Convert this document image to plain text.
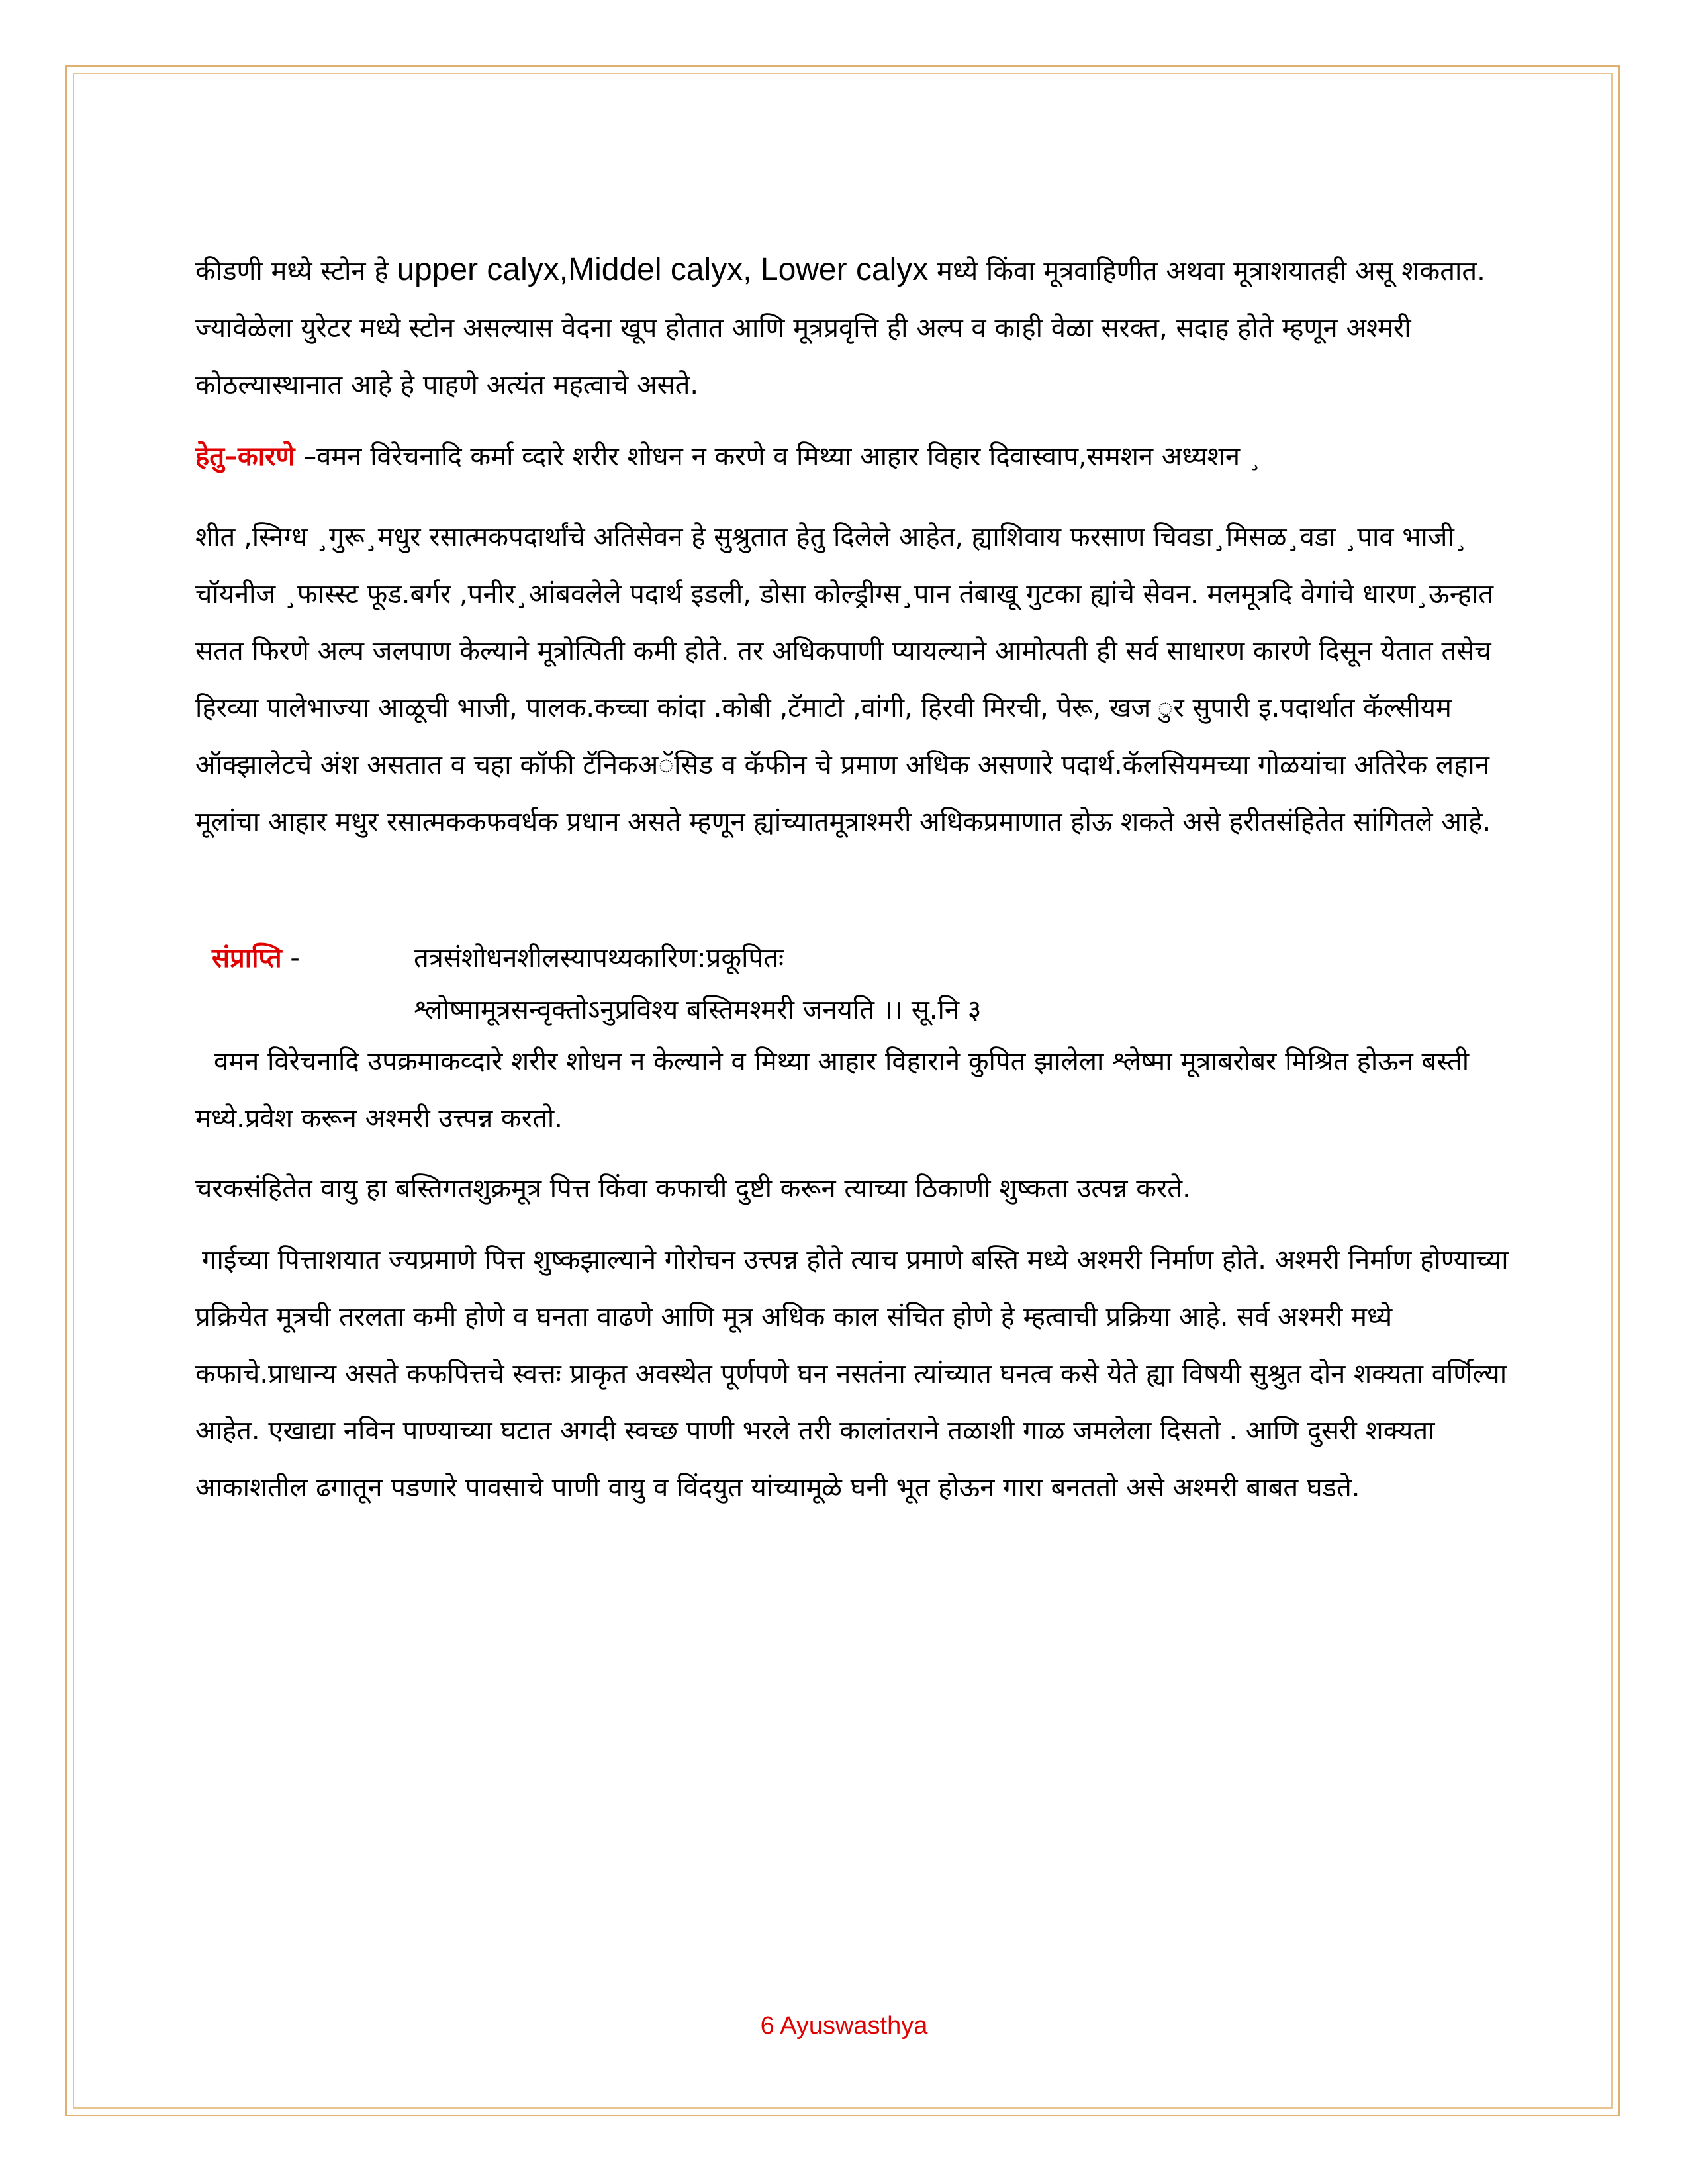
कीडणी मध्ये स्टोन हे upper calyx,Middel calyx, Lower calyx मध्ये किंवा मूत्रवाहिणीत अथवा मूत्राशयातही असू शकतात. ज्यावेळेला युरेटर मध्ये स्टोन असल्यास वेदना खूप होतात आणि मूत्रप्रवृत्ति ही अल्प व काही वेळा सरक्त, सदाह होते म्हणून अश्मरी कोठल्यास्थानात आहे हे पाहणे अत्यंत महत्वाचे असते.

हेतु–कारणे –वमन विरेचनादि कर्मा व्दारे शरीर शोधन न करणे व मिथ्या आहार विहार दिवास्वाप,समशन अध्यशन ¸

शीत ,स्निग्ध ¸गुरू¸मधुर रसात्मकपदार्थांचे अतिसेवन हे सुश्रुतात हेतु दिलेले आहेत, ह्याशिवाय फरसाण चिवडा¸मिसळ¸वडा ¸पाव भाजी¸ चॉयनीज ¸फास्स्ट फूड.बर्गर ,पनीर¸आंबवलेले पदार्थ इडली, डोसा कोल्ड्रीग्स¸पान तंबाखू गुटका ह्यांचे सेवन. मलमूत्रदि वेगांचे धारण¸ऊन्हात सतत फिरणे अल्प जलपाण केल्याने मूत्रोत्पिती कमी होते. तर अधिकपाणी प्यायल्याने आमोत्पती ही सर्व साधारण कारणे दिसून येतात तसेच हिरव्या पालेभाज्या आळूची भाजी, पालक.कच्चा कांदा .कोबी ,टॅमाटो ,वांगी, हिरवी मिरची, पेरू, खज ुर सुपारी इ.पदार्थात कॅल्सीयम ऑक्झालेटचे अंश असतात व चहा कॉफी टॅनिकअॅसिड व कॅफीन चे प्रमाण अधिक असणारे पदार्थ.कॅलसियमच्या गोळयांचा अतिरेक लहान मूलांचा आहार मधुर रसात्मककफवर्धक प्रधान असते म्हणून ह्यांच्यातमूत्राश्मरी अधिकप्रमाणात होऊ शकते असे हरीतसंहितेत सांगितले आहे.

संप्राप्ति -	तत्रसंशोधनशीलस्यापथ्यकारिण:प्रकूपितः
श्लोष्मामूत्रसन्वृक्तोऽनुप्रविश्य बस्तिमश्मरी जनयति ।। सू.नि ३

वमन विरेचनादि उपक्रमाकव्दारे शरीर शोधन न केल्याने व मिथ्या आहार विहाराने कुपित झालेला श्लेष्मा मूत्राबरोबर मिश्रित होऊन बस्ती मध्ये.प्रवेश करून अश्मरी उत्त्पन्न करतो.

चरकसंहितेत वायु हा बस्तिगतशुक्रमूत्र पित्त किंवा कफाची दुष्टी करून त्याच्या ठिकाणी शुष्कता उत्पन्न करते.

गाईच्या पित्ताशयात ज्यप्रमाणे पित्त शुष्कझाल्याने गोरोचन उत्त्पन्न होते त्याच प्रमाणे बस्ति मध्ये अश्मरी निर्माण होते. अश्मरी निर्माण होण्याच्या प्रक्रियेत मूत्रची तरलता कमी होणे व घनता वाढणे आणि मूत्र अधिक काल संचित होणे हे म्हत्वाची प्रक्रिया आहे. सर्व अश्मरी मध्ये कफाचे.प्राधान्य असते कफपित्तचे स्वत्तः प्राकृत अवस्थेत पूर्णपणे घन नसतंना त्यांच्यात घनत्व कसे येते ह्या विषयी सुश्रुत दोन शक्यता वर्णिल्या आहेत. एखाद्या नविन पाण्याच्या घटात अगदी स्वच्छ पाणी भरले तरी कालांतराने तळाशी गाळ जमलेला दिसतो . आणि दुसरी शक्यता आकाशतील ढगातून पडणारे पावसाचे पाणी वायु व विंदयुत यांच्यामूळे घनी भूत होऊन गारा बनततो असे अश्मरी बाबत घडते.

6 Ayuswasthya
